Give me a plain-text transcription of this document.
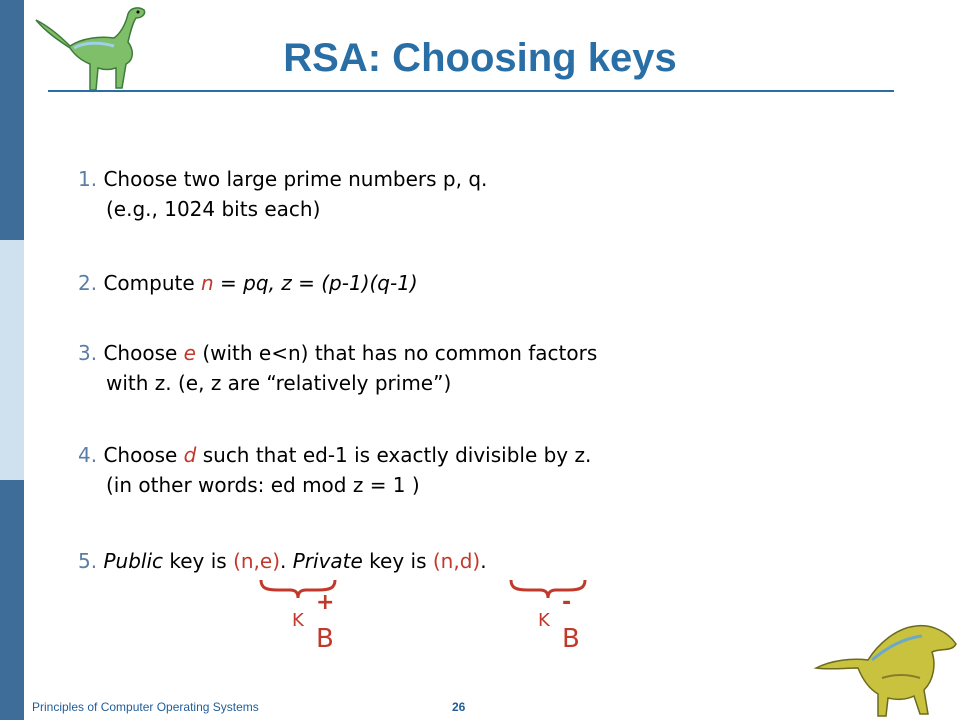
RSA: Choosing keys
1. Choose two large prime numbers p, q.
(e.g., 1024 bits each)
2. Compute n = pq, z = (p-1)(q-1)
3. Choose e (with e<n) that has no common factors
with z. (e, z are “relatively prime”)
4. Choose d such that ed-1 is exactly divisible by z.
(in other words: ed mod z = 1 )
5. Public key is (n,e). Private key is (n,d).
K
+
B
K
-
B
Principles of Computer Operating Systems	26
